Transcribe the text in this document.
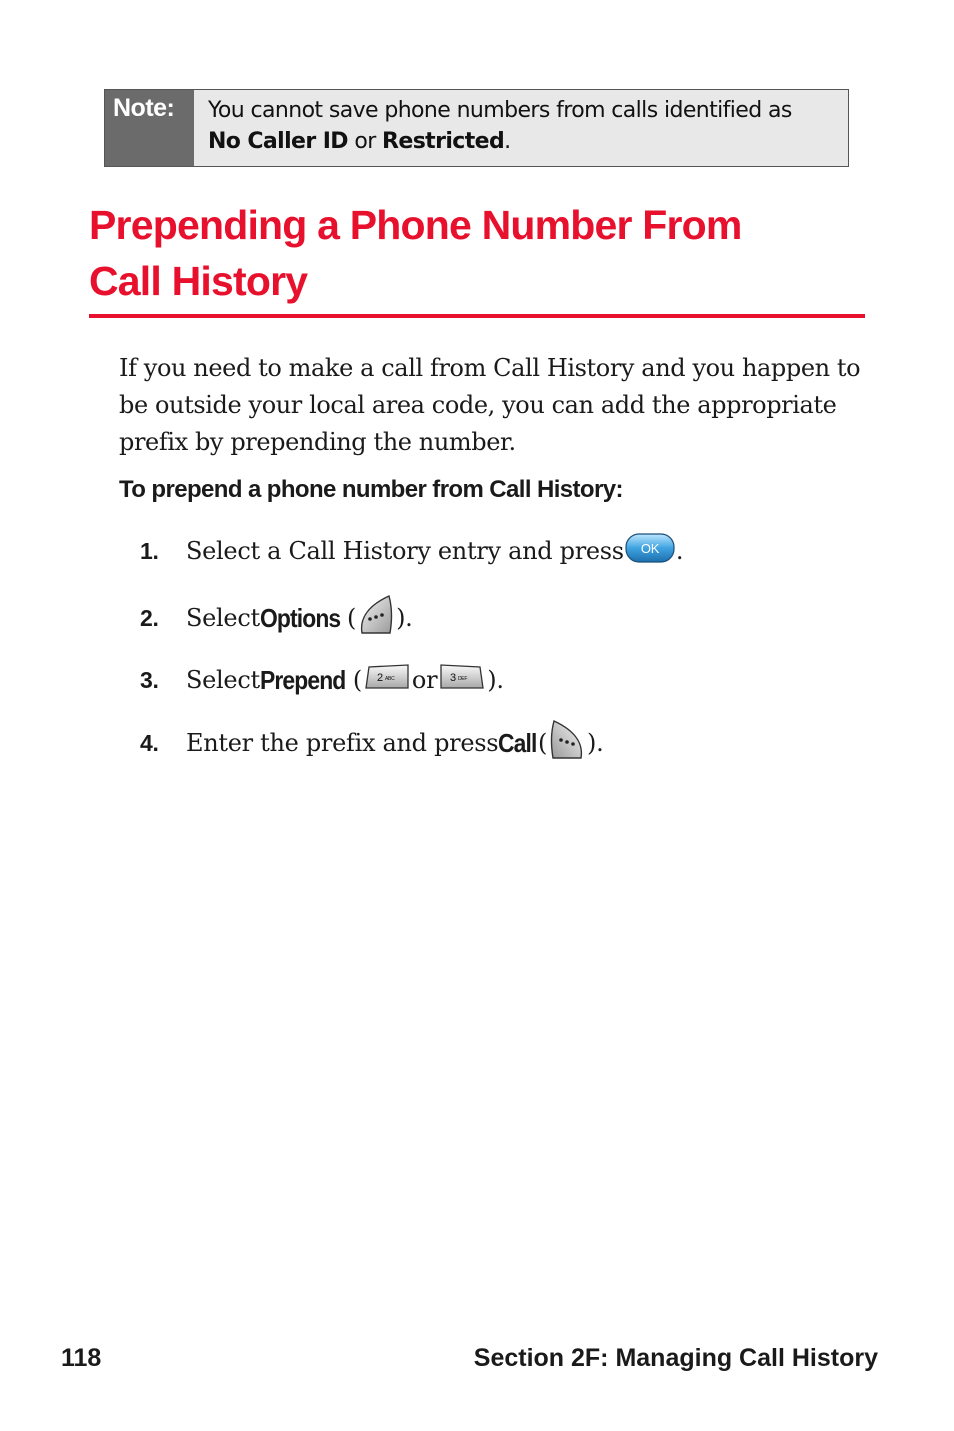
Note:	You cannot save phone numbers from calls identified as
No Caller ID or Restricted.
Prepending a Phone Number From
Call History

If you need to make a call from Call History and you happen to be outside your local area code, you can add the appropriate prefix by prepending the number.

To prepend a phone number from Call History:

1.	Select a Call History entry and press OK .
2.	Select Options ( ).
3.	Select Prepend ( 2 ABC or 3 DEF ).
4.	Enter the prefix and press Call ( ).
118	Section 2F: Managing Call History
